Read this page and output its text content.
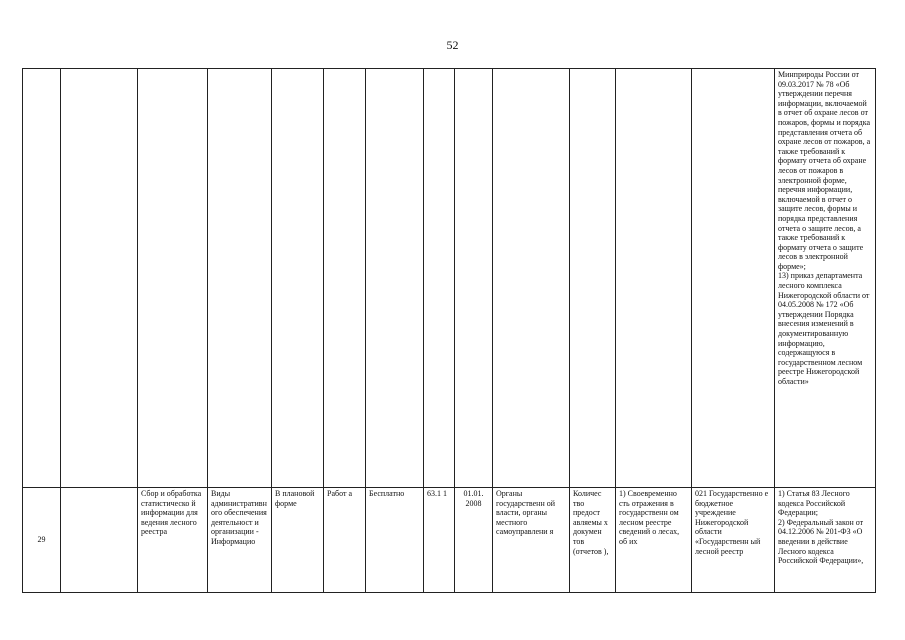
52
													Минприроды России от 09.03.2017 № 78 «Об утверждении перечня информации, включаемой в отчет об охране лесов от пожаров, формы и порядка представления отчета об охране лесов от пожаров, а также требований к формату отчета об охране лесов от пожаров в электронной форме, перечня информации, включаемой в отчет о защите лесов, формы и порядка представления отчета о защите лесов, а также требований к формату отчета о защите лесов в электронной форме»;
13) приказ департамента лесного комплекса Нижегородской области от 04.05.2008 № 172 «Об утверждении Порядка внесения изменений в документированную информацию, содержащуюся в государственном лесном реестре Нижегородской области»
29		Сбор и обработка статистическо й информации для ведения лесного реестра	Виды административного обеспечения деятельност и организации - Информацио	В плановой форме	Работ а	Бесплатно	63.1 1	01.01. 2008	Органы государственн ой власти, органы местного самоуправлени я	Количес тво предост авляемы х докумен тов (отчетов ),	1) Своевременно сть отражения в государственн ом лесном реестре сведений о лесах, об их	021 Государственно е бюджетное учреждение Нижегородской области «Государственн ый лесной реестр	1) Статья 83 Лесного кодекса Российской Федерации;
2) Федеральный закон от 04.12.2006 № 201-ФЗ «О введении в действие Лесного кодекса Российской Федерации»,
